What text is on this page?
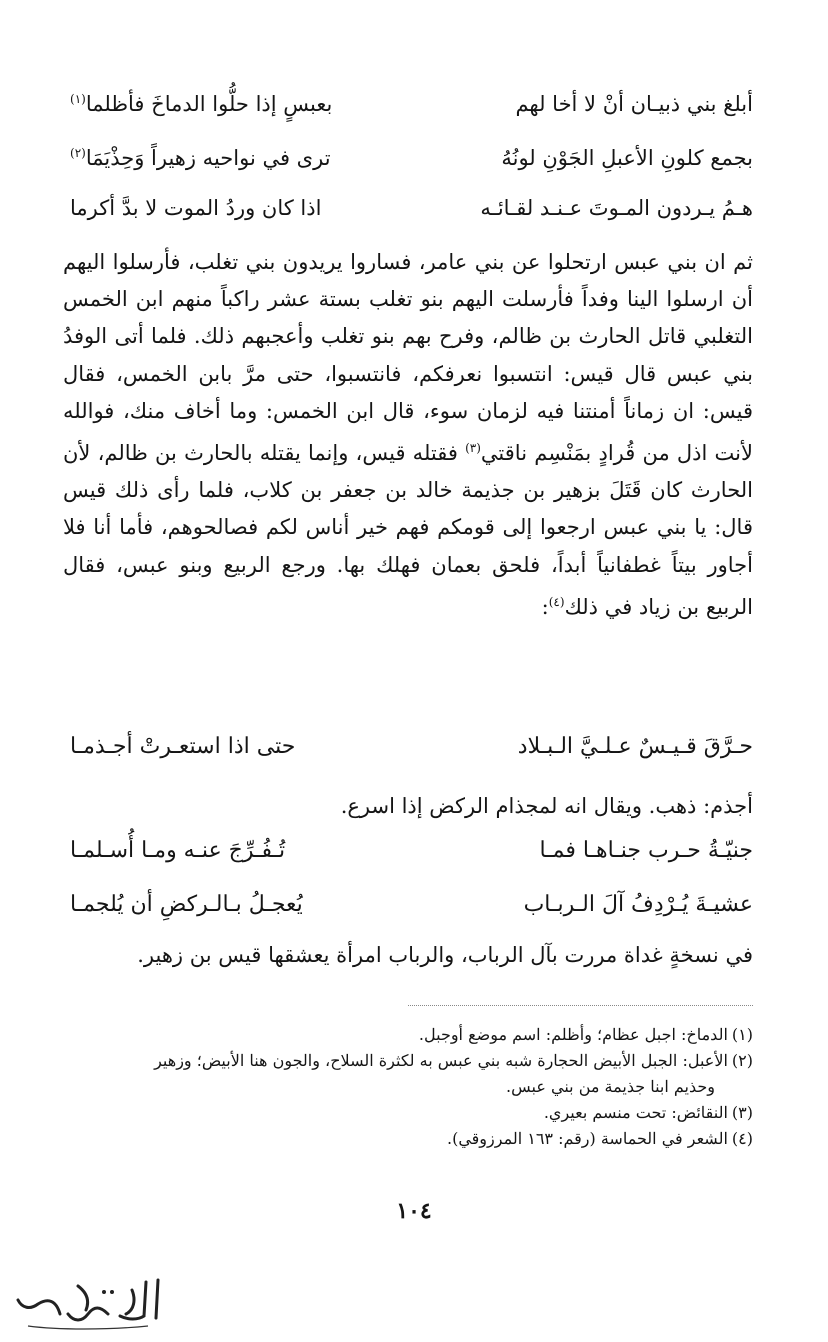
أبلغ بني ذبيـان أنْ لا أخا لهم
بعبسٍ إذا حلُّوا الدماخَ فأظلما$^{(١)}$
بجمع كلونِ الأعبلِ الجَوْنِ لونُهُ
ترى في نواحيه زهيراً وَحِذْيَمَا$^{(٢)}$
هـمُ يـردون المـوتَ عـنـد لقـائـه
اذا كان وردُ الموت لا بدَّ أكرما

ثم ان بني عبس ارتحلوا عن بني عامر، فساروا يريدون بني تغلب، فأرسلوا اليهم أن ارسلوا الينا وفداً فأرسلت اليهم بنو تغلب بستة عشر راكباً منهم ابن الخمس التغلبي قاتل الحارث بن ظالم، وفرح بهم بنو تغلب وأعجبهم ذلك. فلما أتى الوفدُ بني عبس قال قيس: انتسبوا نعرفكم، فانتسبوا، حتى مرَّ بابن الخمس، فقال قيس: ان زماناً أمنتنا فيه لزمان سوء، قال ابن الخمس: وما أخاف منك، فوالله لأنت اذل من قُرادٍ بمَنْسِم ناقتي$^{(٣)}$ فقتله قيس، وإنما يقتله بالحارث بن ظالم، لأن الحارث كان قَتَلَ بزهير بن جذيمة خالد بن جعفر بن كلاب، فلما رأى ذلك قيس قال: يا بني عبس ارجعوا إلى قومكم فهم خير أناس لكم فصالحوهم، فأما أنا فلا أجاور بيتاً غطفانياً أبداً، فلحق بعمان فهلك بها. ورجع الربيع وبنو عبس، فقال الربيع بن زياد في ذلك$^{(٤)}$:

حـرَّقَ قـيـسٌ عـلـيَّ الـبـلاد
حتى اذا استعـرتْ أجـذمـا
أجذم: ذهب. ويقال انه لمجذام الركض إذا اسرع.
جنيّـةُ حـرب جنـاهـا فمـا
تُـفُـرِّجَ عنـه ومـا أُسـلمـا
عشيـةَ يُـرْدِفُ آلَ الـربـاب
يُعجـلُ بـالـركضِ أن يُلجمـا
في نسخةٍ غداة مررت بآل الرباب، والرباب امرأة يعشقها قيس بن زهير.

(١)الدماخ: اجبل عظام؛ وأظلم: اسم موضع أوجبل.

(٢)الأعبل: الجبل الأبيض الحجارة شبه بني عبس به لكثرة السلاح، والجون هنا الأبيض؛ وزهير

وحذيم ابنا جذيمة من بني عبس.

(٣)النقائض: تحت منسم بعيري.

(٤)الشعر في الحماسة (رقم: ١٦٣ المرزوقي).

١٠٤
